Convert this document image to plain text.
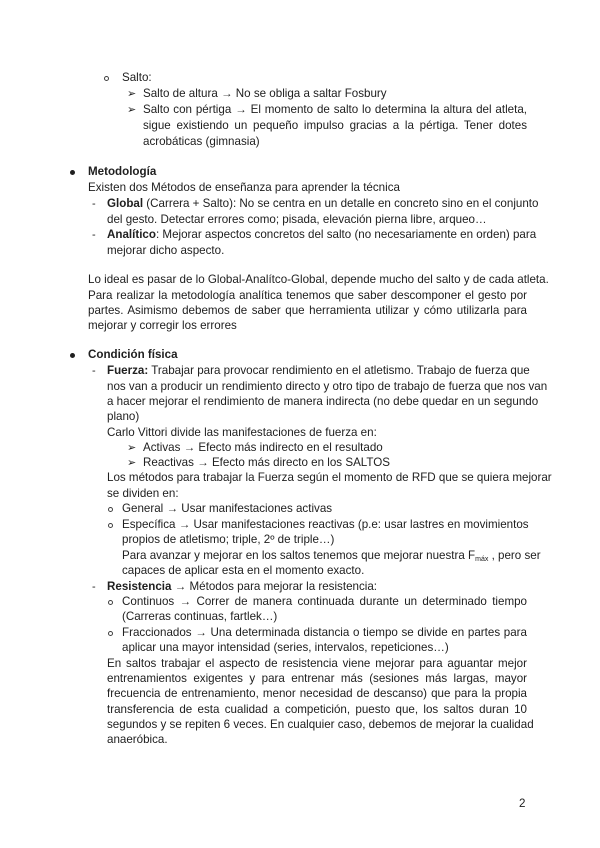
Salto:
➢ Salto de altura → No se obliga a saltar Fosbury
➢ Salto con pértiga → El momento de salto lo determina la altura del atleta,
sigue existiendo un pequeño impulso gracias a la pértiga. Tener dotes
acrobáticas (gimnasia)
Metodología
Existen dos Métodos de enseñanza para aprender la técnica
- Global (Carrera + Salto): No se centra en un detalle en concreto sino en el conjunto
del gesto. Detectar errores como; pisada, elevación pierna libre, arqueo…
- Analítico: Mejorar aspectos concretos del salto (no necesariamente en orden) para
mejorar dicho aspecto.
Lo ideal es pasar de lo Global-Analítco-Global, depende mucho del salto y de cada atleta.
Para realizar la metodología analítica tenemos que saber descomponer el gesto por
partes. Asimismo debemos de saber que herramienta utilizar y cómo utilizarla para
mejorar y corregir los errores
Condición física
- Fuerza: Trabajar para provocar rendimiento en el atletismo. Trabajo de fuerza que
nos van a producir un rendimiento directo y otro tipo de trabajo de fuerza que nos van
a hacer mejorar el rendimiento de manera indirecta (no debe quedar en un segundo
plano)
Carlo Vittori divide las manifestaciones de fuerza en:
➢ Activas → Efecto más indirecto en el resultado
➢ Reactivas → Efecto más directo en los SALTOS
Los métodos para trabajar la Fuerza según el momento de RFD que se quiera mejorar
se dividen en:
General → Usar manifestaciones activas
Específica → Usar manifestaciones reactivas (p.e: usar lastres en movimientos
propios de atletismo; triple, 2º de triple…)
Para avanzar y mejorar en los saltos tenemos que mejorar nuestra Fmáx , pero ser
capaces de aplicar esta en el momento exacto.
- Resistencia → Métodos para mejorar la resistencia:
Continuos → Correr de manera continuada durante un determinado tiempo
(Carreras continuas, fartlek…)
Fraccionados → Una determinada distancia o tiempo se divide en partes para
aplicar una mayor intensidad (series, intervalos, repeticiones…)
En saltos trabajar el aspecto de resistencia viene mejorar para aguantar mejor
entrenamientos exigentes y para entrenar más (sesiones más largas, mayor
frecuencia de entrenamiento, menor necesidad de descanso) que para la propia
transferencia de esta cualidad a competición, puesto que, los saltos duran 10
segundos y se repiten 6 veces. En cualquier caso, debemos de mejorar la cualidad
anaeróbica.
2
